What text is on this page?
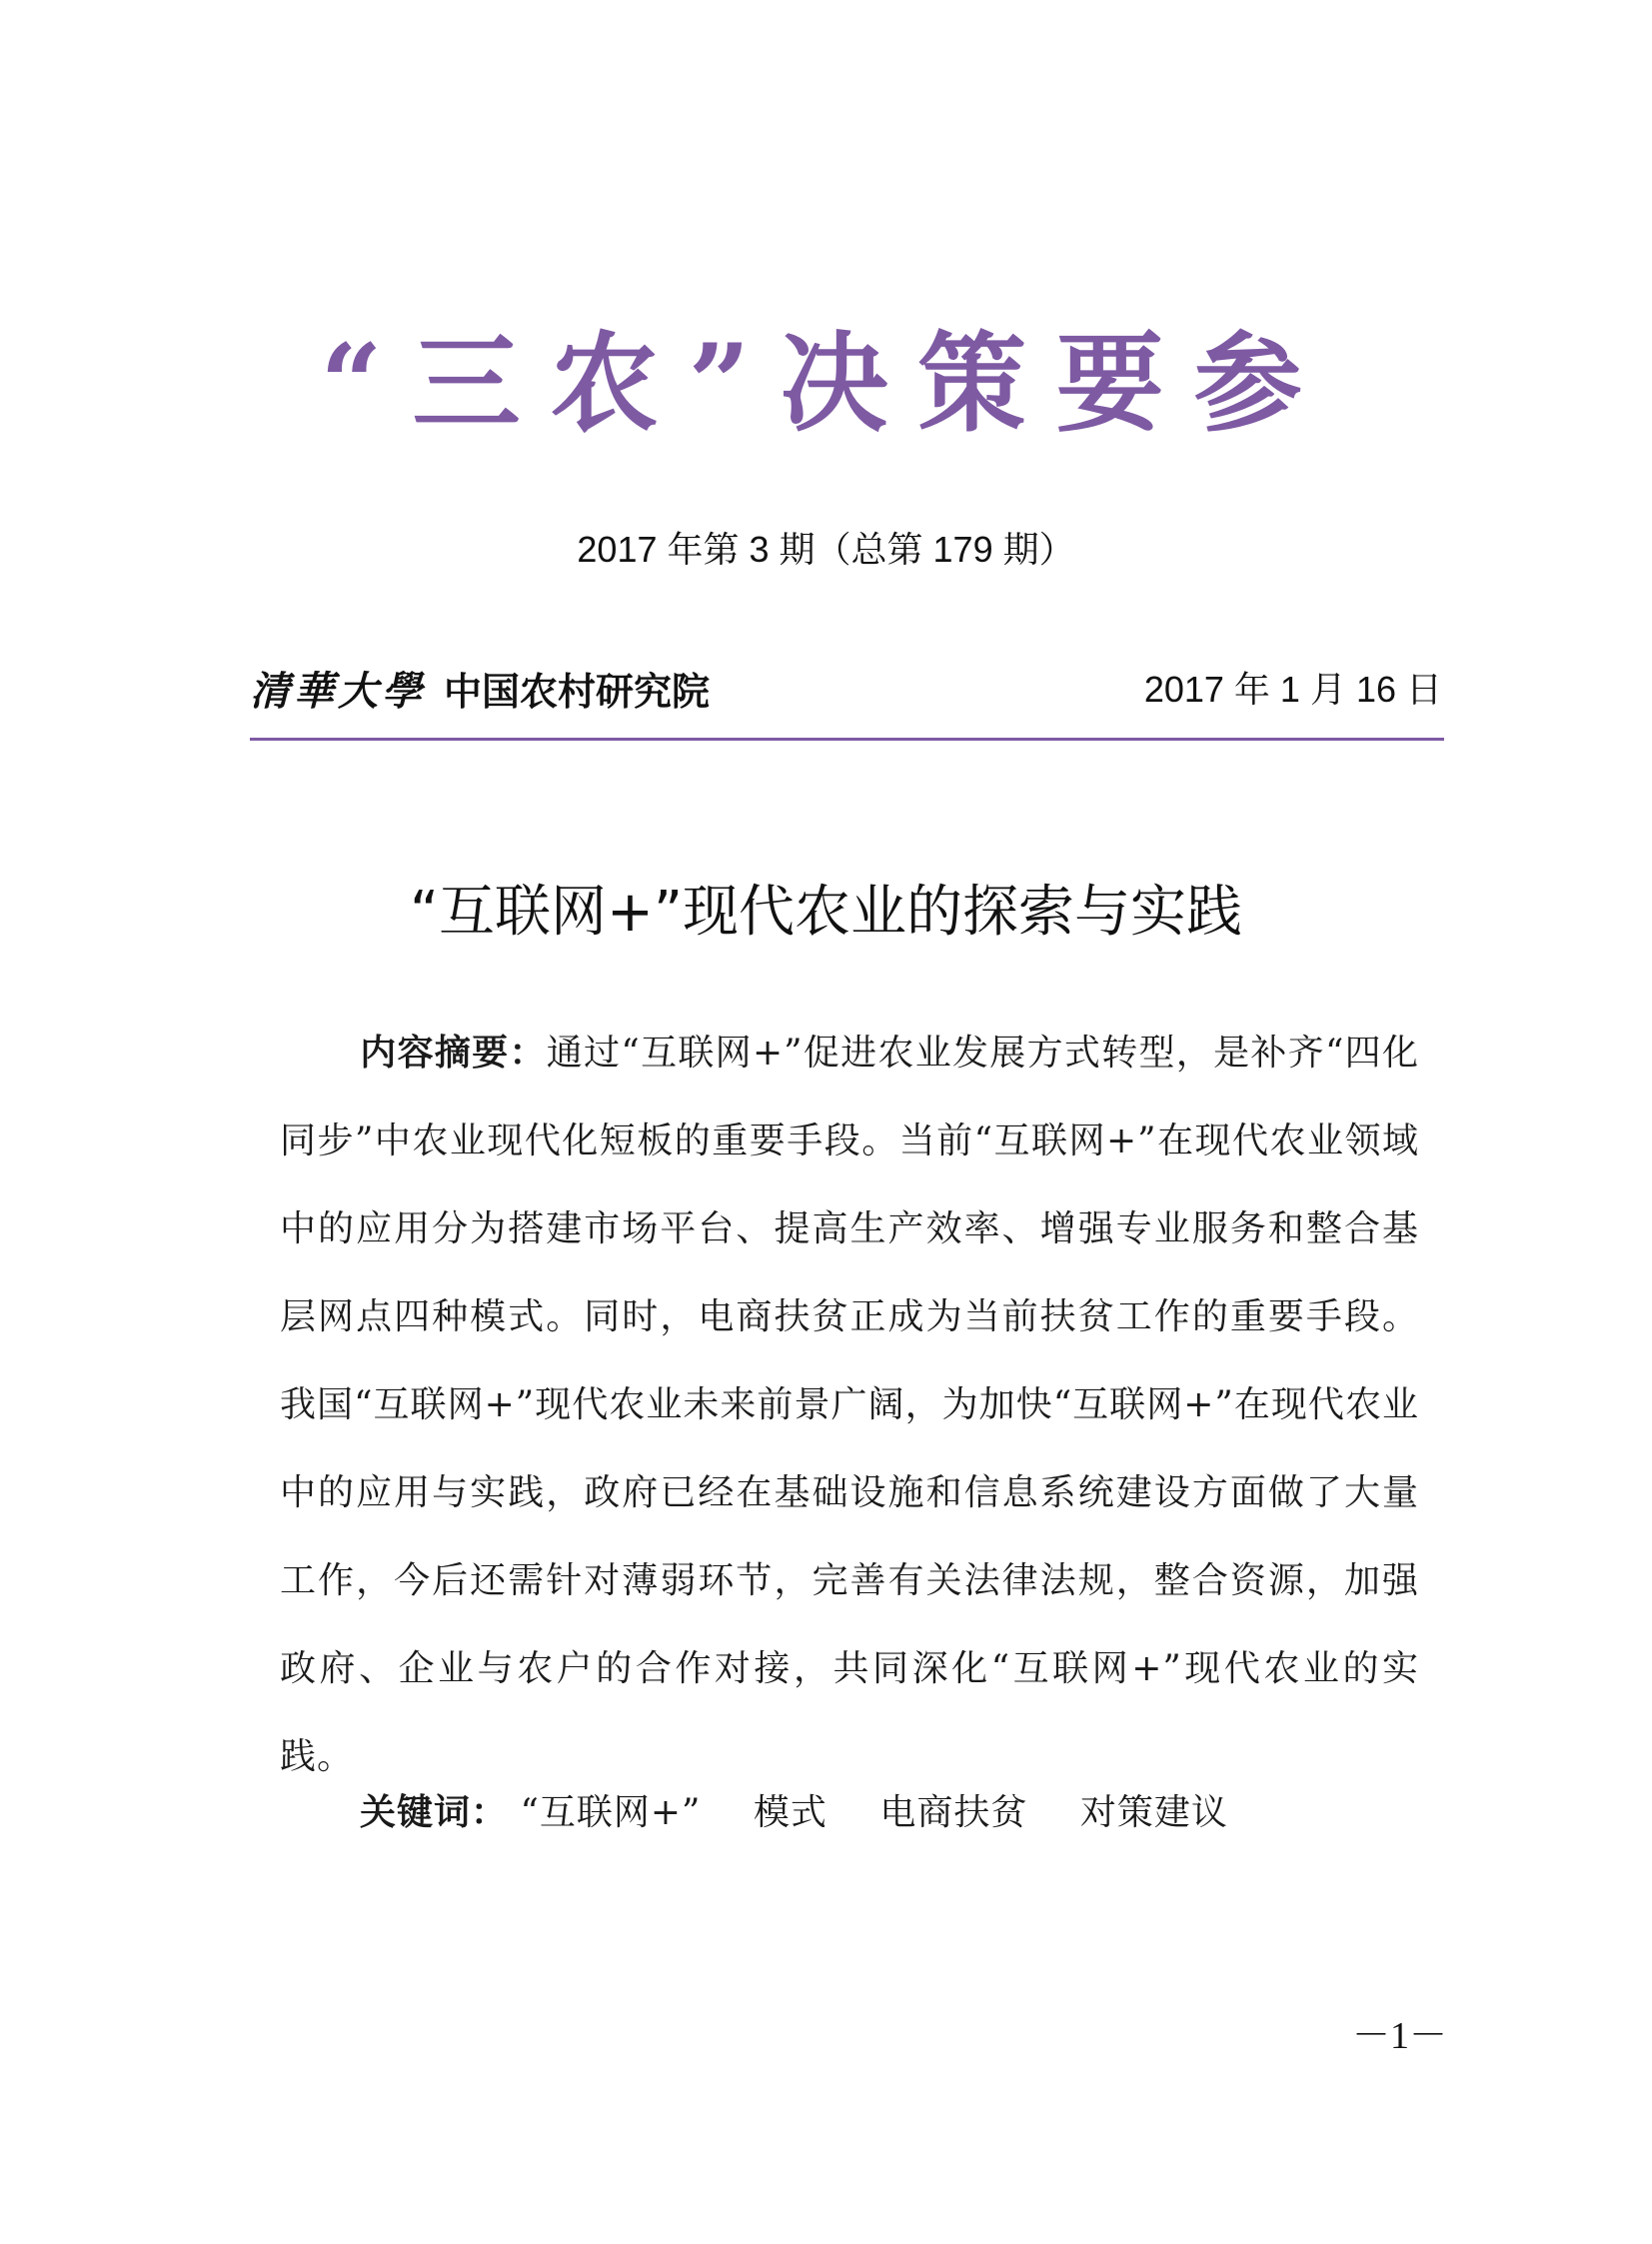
“三农”决策要参
2017 年第 3 期（总第 179 期）
清華大學 中国农村研究院	2017 年 1 月 16 日
“互联网+”现代农业的探索与实践
内容摘要：通过“互联网+”促进农业发展方式转型，是补齐“四化同步”中农业现代化短板的重要手段。当前“互联网+”在现代农业领域中的应用分为搭建市场平台、提高生产效率、增强专业服务和整合基层网点四种模式。同时，电商扶贫正成为当前扶贫工作的重要手段。我国“互联网+”现代农业未来前景广阔，为加快“互联网+”在现代农业中的应用与实践，政府已经在基础设施和信息系统建设方面做了大量工作，今后还需针对薄弱环节，完善有关法律法规，整合资源，加强政府、企业与农户的合作对接，共同深化“互联网+”现代农业的实践。
关键词： “互联网+” 模式 电商扶贫 对策建议
－1－
